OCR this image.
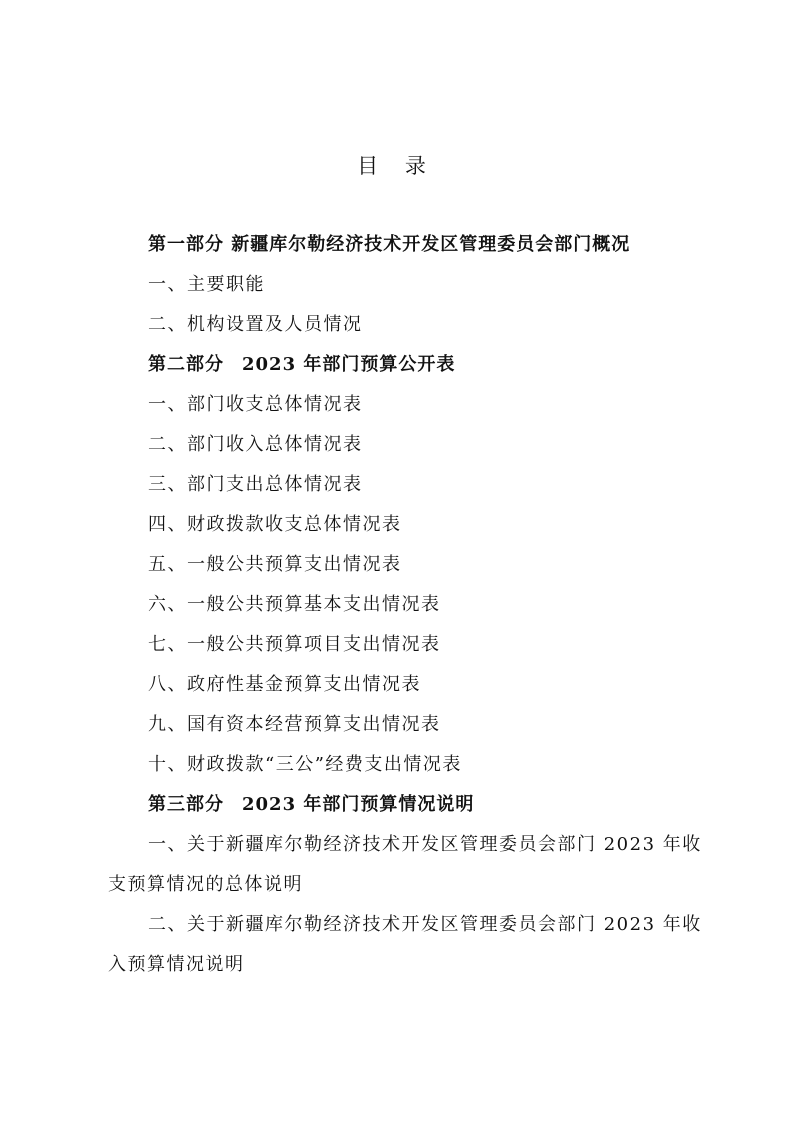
目 录
第一部分 新疆库尔勒经济技术开发区管理委员会部门概况
一、主要职能
二、机构设置及人员情况
第二部分 2023 年部门预算公开表
一、部门收支总体情况表
二、部门收入总体情况表
三、部门支出总体情况表
四、财政拨款收支总体情况表
五、一般公共预算支出情况表
六、一般公共预算基本支出情况表
七、一般公共预算项目支出情况表
八、政府性基金预算支出情况表
九、国有资本经营预算支出情况表
十、财政拨款“三公”经费支出情况表
第三部分 2023 年部门预算情况说明
一、关于新疆库尔勒经济技术开发区管理委员会部门 2023 年收支预算情况的总体说明
二、关于新疆库尔勒经济技术开发区管理委员会部门 2023 年收入预算情况说明
